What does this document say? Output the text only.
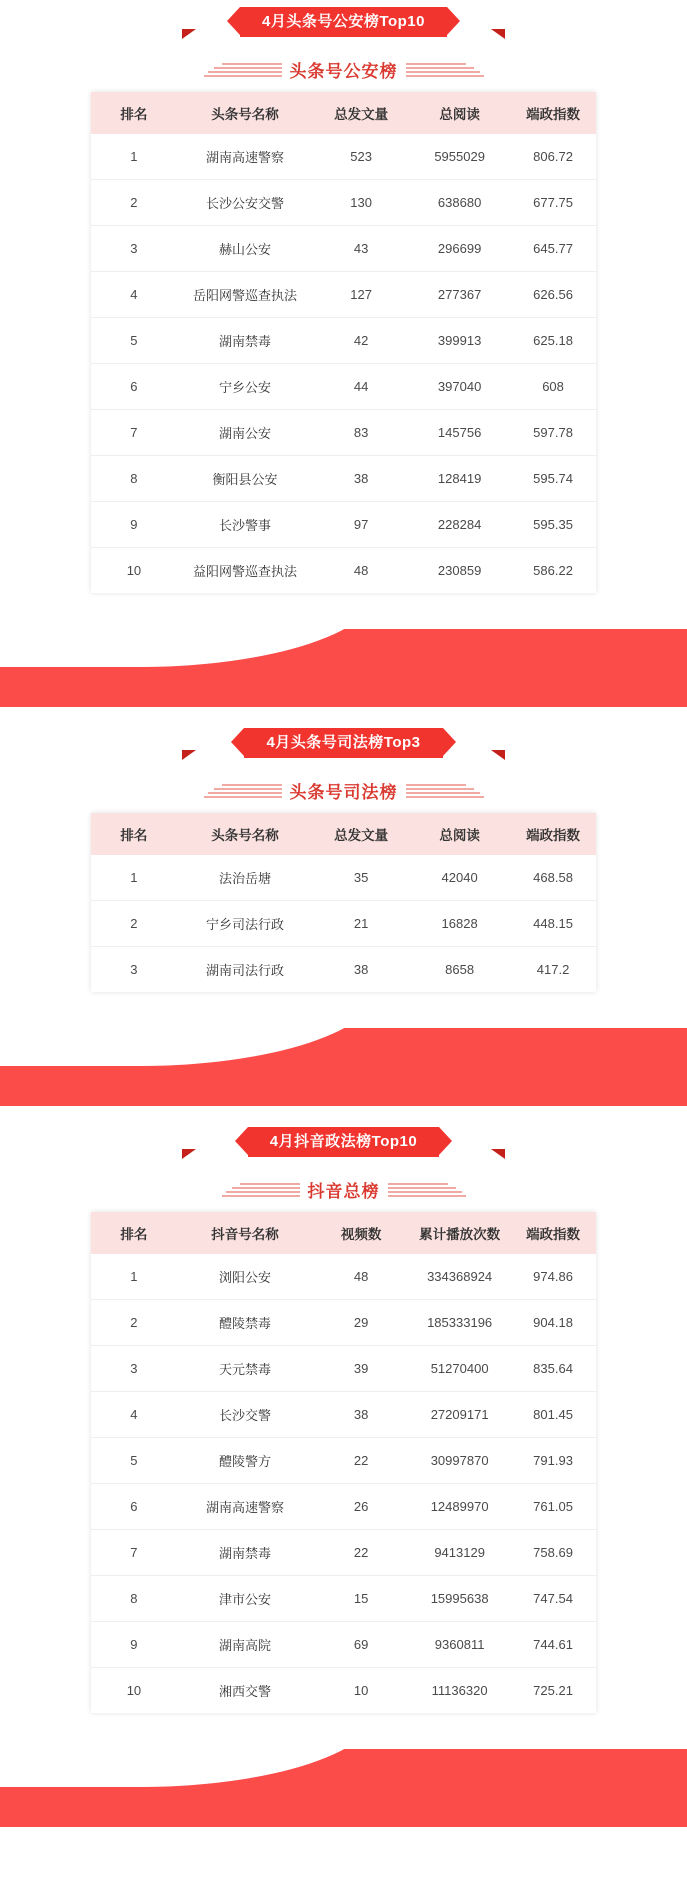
4月头条号公安榜Top10
头条号公安榜
排名	头条号名称	总发文量	总阅读	端政指数
1	湖南高速警察	523	5955029	806.72
2	长沙公安交警	130	638680	677.75
3	赫山公安	43	296699	645.77
4	岳阳网警巡查执法	127	277367	626.56
5	湖南禁毒	42	399913	625.18
6	宁乡公安	44	397040	608
7	湖南公安	83	145756	597.78
8	衡阳县公安	38	128419	595.74
9	长沙警事	97	228284	595.35
10	益阳网警巡查执法	48	230859	586.22
4月头条号司法榜Top3
头条号司法榜
排名	头条号名称	总发文量	总阅读	端政指数
1	法治岳塘	35	42040	468.58
2	宁乡司法行政	21	16828	448.15
3	湖南司法行政	38	8658	417.2
4月抖音政法榜Top10
抖音总榜
排名	抖音号名称	视频数	累计播放次数	端政指数
1	浏阳公安	48	334368924	974.86
2	醴陵禁毒	29	185333196	904.18
3	天元禁毒	39	51270400	835.64
4	长沙交警	38	27209171	801.45
5	醴陵警方	22	30997870	791.93
6	湖南高速警察	26	12489970	761.05
7	湖南禁毒	22	9413129	758.69
8	津市公安	15	15995638	747.54
9	湖南高院	69	9360811	744.61
10	湘西交警	10	11136320	725.21
